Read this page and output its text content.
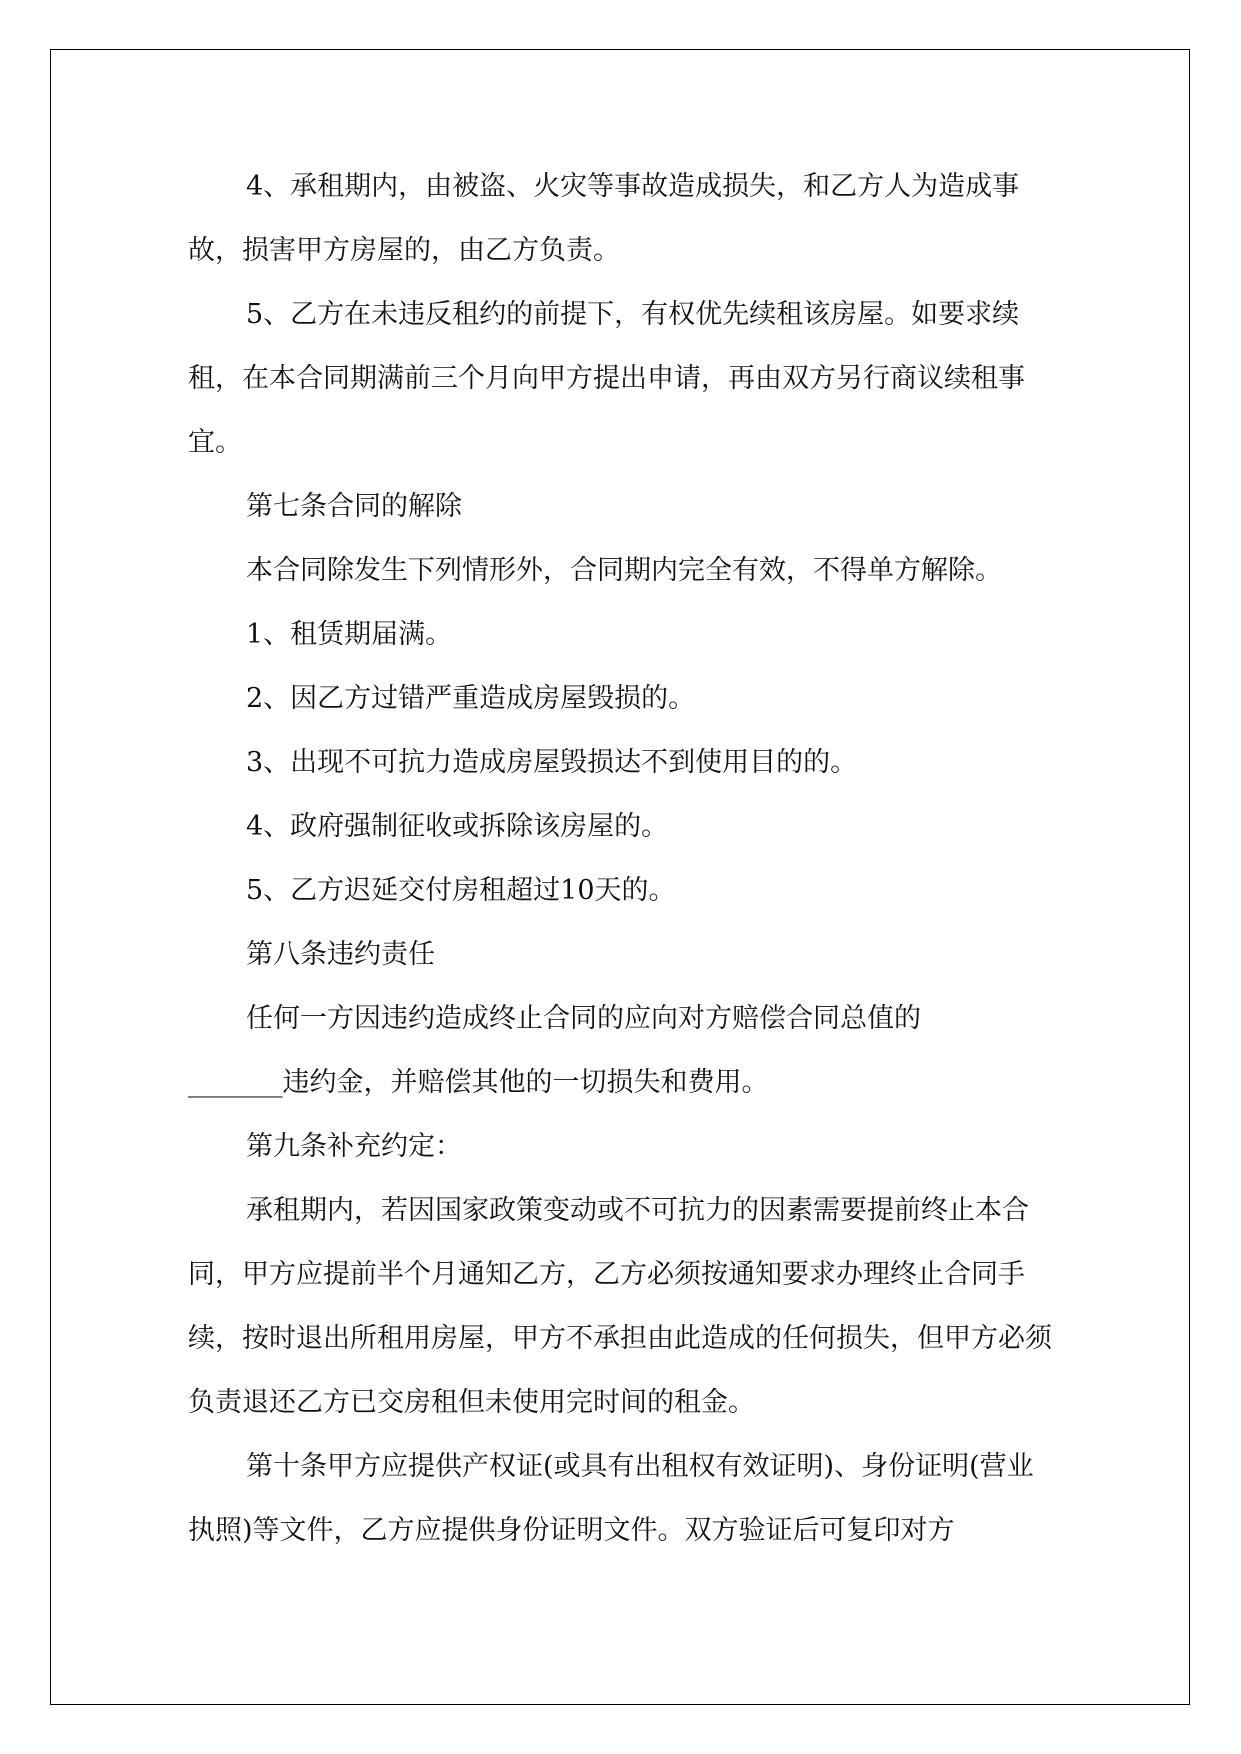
4、承租期内，由被盗、火灾等事故造成损失，和乙方人为造成事故，损害甲方房屋的，由乙方负责。

5、乙方在未违反租约的前提下，有权优先续租该房屋。如要求续租，在本合同期满前三个月向甲方提出申请，再由双方另行商议续租事宜。

第七条合同的解除

本合同除发生下列情形外，合同期内完全有效，不得单方解除。

1、租赁期届满。

2、因乙方过错严重造成房屋毁损的。

3、出现不可抗力造成房屋毁损达不到使用目的的。

4、政府强制征收或拆除该房屋的。

5、乙方迟延交付房租超过10天的。

第八条违约责任

任何一方因违约造成终止合同的应向对方赔偿合同总值的

_______违约金，并赔偿其他的一切损失和费用。

第九条补充约定：

承租期内，若因国家政策变动或不可抗力的因素需要提前终止本合同，甲方应提前半个月通知乙方，乙方必须按通知要求办理终止合同手续，按时退出所租用房屋，甲方不承担由此造成的任何损失，但甲方必须负责退还乙方已交房租但未使用完时间的租金。

第十条甲方应提供产权证(或具有出租权有效证明)、身份证明(营业执照)等文件，乙方应提供身份证明文件。双方验证后可复印对方
